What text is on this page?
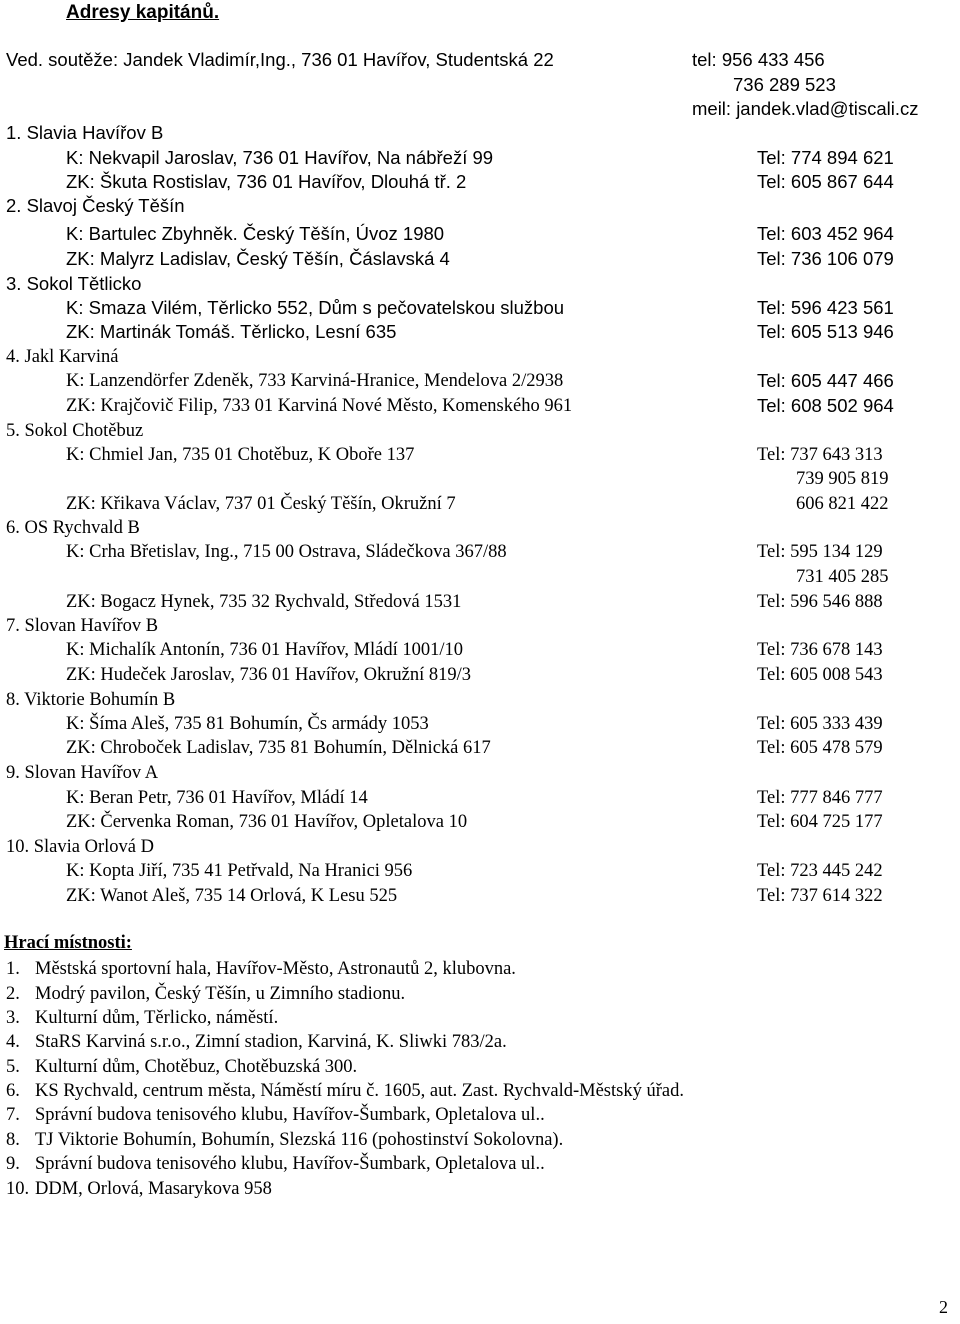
Adresy kapitánů.
Ved. soutěže: Jandek Vladimír,Ing., 736 01 Havířov, Studentská 22	tel: 956 433 456
736 289 523
meil: jandek.vlad@tiscali.cz
1. Slavia Havířov B
K: Nekvapil Jaroslav, 736 01 Havířov, Na nábřeží 99	Tel: 774 894 621
ZK: Škuta Rostislav, 736 01 Havířov, Dlouhá tř. 2	Tel: 605 867 644
2. Slavoj Český Těšín
K: Bartulec Zbyhněk. Český Těšín, Úvoz 1980	Tel: 603 452 964
ZK: Malyrz Ladislav, Český Těšín, Čáslavská 4	Tel: 736 106 079
3. Sokol Tětlicko
K: Smaza Vilém, Těrlicko 552, Dům s pečovatelskou službou	Tel: 596 423 561
ZK: Martinák Tomáš. Těrlicko, Lesní 635	Tel: 605 513 946
4. Jakl Karviná
K: Lanzendörfer Zdeněk, 733 Karviná-Hranice, Mendelova 2/2938	Tel: 605 447 466
ZK: Krajčovič Filip, 733 01 Karviná Nové Město, Komenského 961	Tel: 608 502 964
5. Sokol Chotěbuz
K: Chmiel Jan, 735 01 Chotěbuz, K Oboře 137	Tel: 737 643 313
739 905 819
ZK: Křikava Václav, 737 01 Český Těšín, Okružní 7	606 821 422
6. OS Rychvald B
K: Crha Břetislav, Ing., 715 00 Ostrava, Sládečkova 367/88	Tel: 595 134 129
731 405 285
ZK: Bogacz Hynek, 735 32 Rychvald, Středová 1531	Tel: 596 546 888
7. Slovan Havířov B
K: Michalík Antonín, 736 01 Havířov, Mládí 1001/10	Tel: 736 678 143
ZK: Hudeček Jaroslav, 736 01 Havířov, Okružní 819/3	Tel: 605 008 543
8. Viktorie Bohumín B
K: Šíma Aleš, 735 81 Bohumín, Čs armády 1053	Tel: 605 333 439
ZK: Chroboček Ladislav, 735 81 Bohumín, Dělnická 617	Tel: 605 478 579
9. Slovan Havířov A
K: Beran Petr, 736 01 Havířov, Mládí 14	Tel: 777 846 777
ZK: Červenka Roman, 736 01 Havířov, Opletalova 10	Tel: 604 725 177
10. Slavia Orlová D
K: Kopta Jiří, 735 41 Petřvald, Na Hranici 956	Tel: 723 445 242
ZK: Wanot Aleš, 735 14 Orlová, K Lesu 525	Tel: 737 614 322
Hrací místnosti:
1. Městská sportovní hala, Havířov-Město, Astronautů 2, klubovna.
2. Modrý pavilon, Český Těšín, u Zimního stadionu.
3. Kulturní dům, Těrlicko, náměstí.
4. StaRS Karviná s.r.o., Zimní stadion, Karviná, K. Sliwki 783/2a.
5. Kulturní dům, Chotěbuz, Chotěbuzská 300.
6. KS Rychvald, centrum města, Náměstí míru č. 1605, aut. Zast. Rychvald-Městský úřad.
7. Správní budova tenisového klubu, Havířov-Šumbark, Opletalova ul..
8. TJ Viktorie Bohumín, Bohumín, Slezská 116 (pohostinství Sokolovna).
9. Správní budova tenisového klubu, Havířov-Šumbark, Opletalova ul..
10. DDM, Orlová, Masarykova 958
2
